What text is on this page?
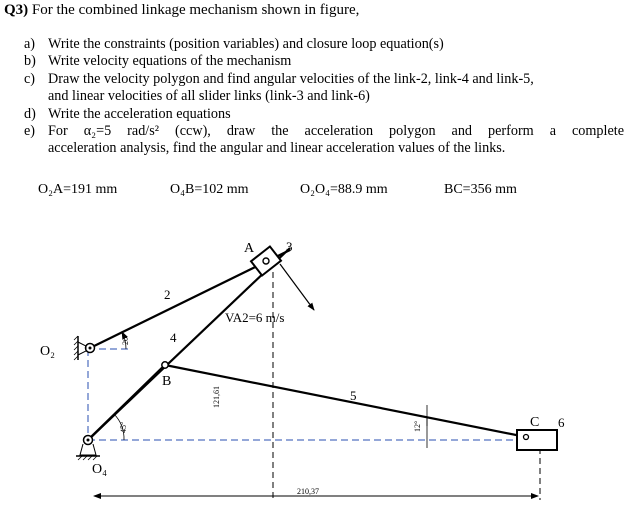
Q3) For the combined linkage mechanism shown in figure,
a) Write the constraints (position variables) and closure loop equation(s)
b) Write velocity equations of the mechanism
c) Draw the velocity polygon and find angular velocities of the link-2, link-4 and link-5,
and linear velocities of all slider links (link-3 and link-6)
d) Write the acceleration equations
e) For α₂=5 rad/s² (ccw), draw the acceleration polygon and perform a complete
acceleration analysis, find the angular and linear acceleration values of the links.
O₂A=191 mm	O₄B=102 mm	O₂O₄=88.9 mm	BC=356 mm
A 3
2
VA2=6 m/s
4
O₂
B
5
C 6
O₄
20°
45°	12°
121,61
210,37
